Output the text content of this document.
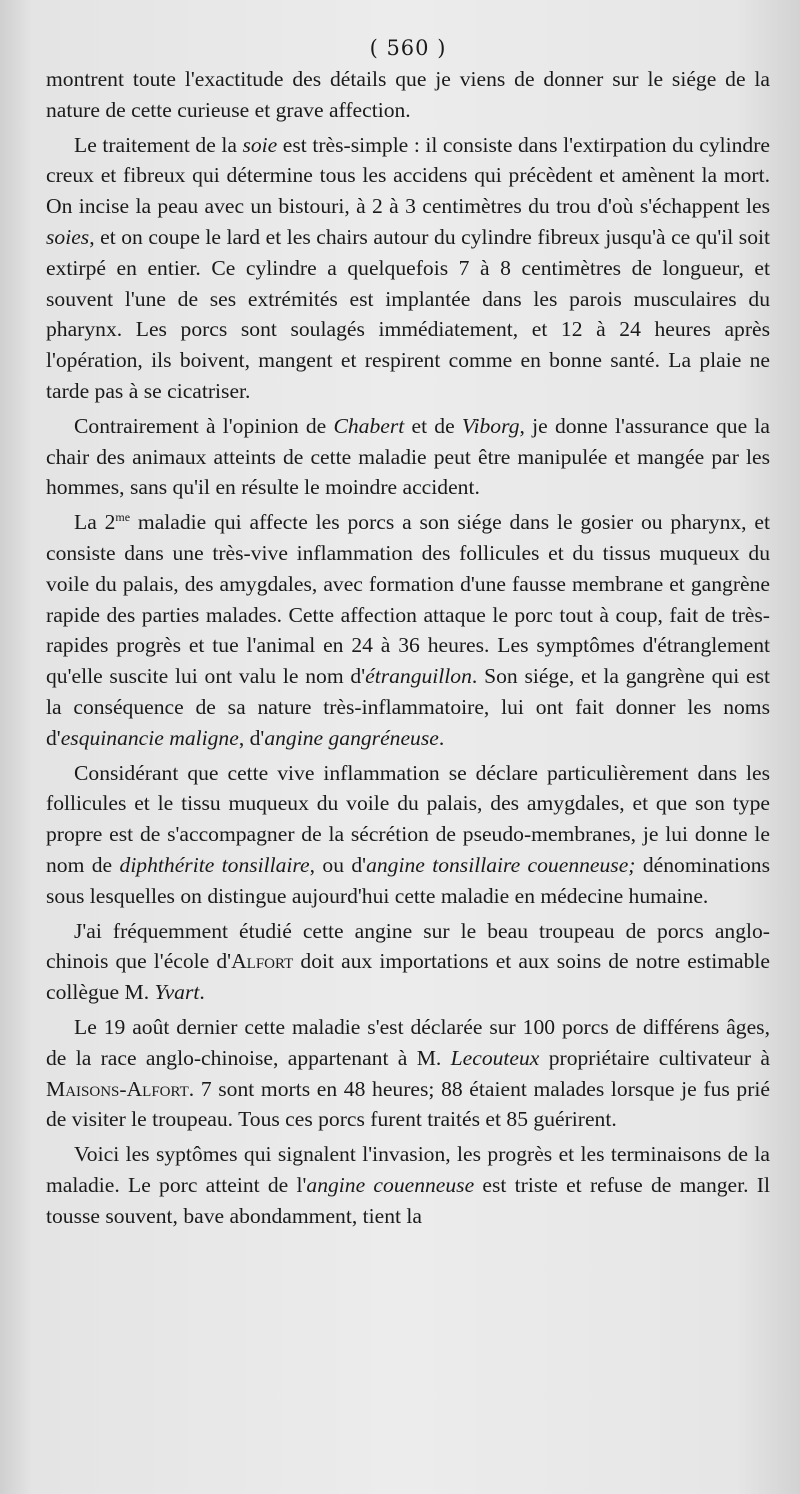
( 560 )

montrent toute l'exactitude des détails que je viens de donner sur le siége de la nature de cette curieuse et grave affection.

Le traitement de la soie est très-simple : il consiste dans l'extirpation du cylindre creux et fibreux qui détermine tous les accidens qui précèdent et amènent la mort. On incise la peau avec un bistouri, à 2 à 3 centimètres du trou d'où s'échappent les soies, et on coupe le lard et les chairs autour du cylindre fibreux jusqu'à ce qu'il soit extirpé en entier. Ce cylindre a quelquefois 7 à 8 centimètres de longueur, et souvent l'une de ses extrémités est implantée dans les parois musculaires du pharynx. Les porcs sont soulagés immédiatement, et 12 à 24 heures après l'opération, ils boivent, mangent et respirent comme en bonne santé. La plaie ne tarde pas à se cicatriser.

Contrairement à l'opinion de Chabert et de Viborg, je donne l'assurance que la chair des animaux atteints de cette maladie peut être manipulée et mangée par les hommes, sans qu'il en résulte le moindre accident.

La $2^{me}$ maladie qui affecte les porcs a son siége dans le gosier ou pharynx, et consiste dans une très-vive inflammation des follicules et du tissus muqueux du voile du palais, des amygdales, avec formation d'une fausse membrane et gangrène rapide des parties malades. Cette affection attaque le porc tout à coup, fait de très-rapides progrès et tue l'animal en 24 à 36 heures. Les symptômes d'étranglement qu'elle suscite lui ont valu le nom d'étranguillon. Son siége, et la gangrène qui est la conséquence de sa nature très-inflammatoire, lui ont fait donner les noms d'esquinancie maligne, d'angine gangréneuse.

Considérant que cette vive inflammation se déclare particulièrement dans les follicules et le tissu muqueux du voile du palais, des amygdales, et que son type propre est de s'accompagner de la sécrétion de pseudo-membranes, je lui donne le nom de diphthérite tonsillaire, ou d'angine tonsillaire couenneuse; dénominations sous lesquelles on distingue aujourd'hui cette maladie en médecine humaine.

J'ai fréquemment étudié cette angine sur le beau troupeau de porcs anglo-chinois que l'école d'Alfort doit aux importations et aux soins de notre estimable collègue M. Yvart.

Le 19 août dernier cette maladie s'est déclarée sur 100 porcs de différens âges, de la race anglo-chinoise, appartenant à M. Lecouteux propriétaire cultivateur à Maisons-Alfort. 7 sont morts en 48 heures; 88 étaient malades lorsque je fus prié de visiter le troupeau. Tous ces porcs furent traités et 85 guérirent.

Voici les syptômes qui signalent l'invasion, les progrès et les terminaisons de la maladie. Le porc atteint de l'angine couenneuse est triste et refuse de manger. Il tousse souvent, bave abondamment, tient la
